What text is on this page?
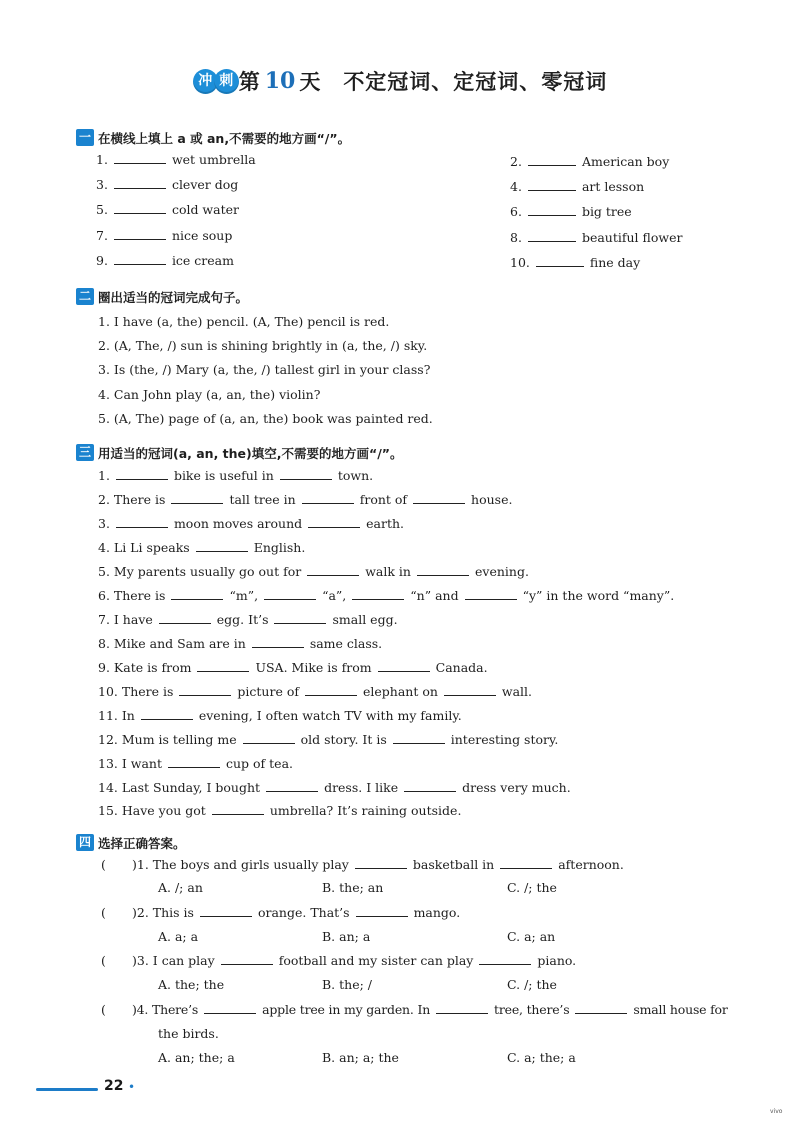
冲 刺 第 10 天 不定冠词、定冠词、零冠词
一 在横线上填上 a 或 an,不需要的地方画“/”。
1.	wet umbrella
3.	clever dog
5.	cold water
7.	nice soup
9.	ice cream
2.	American boy
4.	art lesson
6.	big tree
8.	beautiful flower
10.	fine day
二 圈出适当的冠词完成句子。
1. I have (a, the) pencil. (A, The) pencil is red.
2. (A, The, /) sun is shining brightly in (a, the, /) sky.
3. Is (the, /) Mary (a, the, /) tallest girl in your class?
4. Can John play (a, an, the) violin?
5. (A, The) page of (a, an, the) book was painted red.
三 用适当的冠词(a, an, the)填空,不需要的地方画“/”。
1.	bike is useful in	town.
2. There is	tall tree in	front of	house.
3.	moon moves around	earth.
4. Li Li speaks	English.
5. My parents usually go out for	walk in	evening.
6. There is	“m”,	“a”,	“n” and	“y” in the word “many”.
7. I have	egg. It’s	small egg.
8. Mike and Sam are in	same class.
9. Kate is from	USA. Mike is from	Canada.
10. There is	picture of	elephant on	wall.
11. In	evening, I often watch TV with my family.
12. Mum is telling me	old story. It is	interesting story.
13. I want	cup of tea.
14. Last Sunday, I bought	dress. I like	dress very much.
15. Have you got	umbrella? It’s raining outside.
四 选择正确答案。
( )1. The boys and girls usually play	basketball in	afternoon.
A. /; an	B. the; an	C. /; the
( )2. This is	orange. That’s	mango.
A. a; a	B. an; a	C. a; an
( )3. I can play	football and my sister can play	piano.
A. the; the	B. the; /	C. /; the
( )4. There’s	apple tree in my garden. In	tree, there’s	small house for
the birds.
A. an; the; a	B. an; a; the	C. a; the; a
22 •
vivo
